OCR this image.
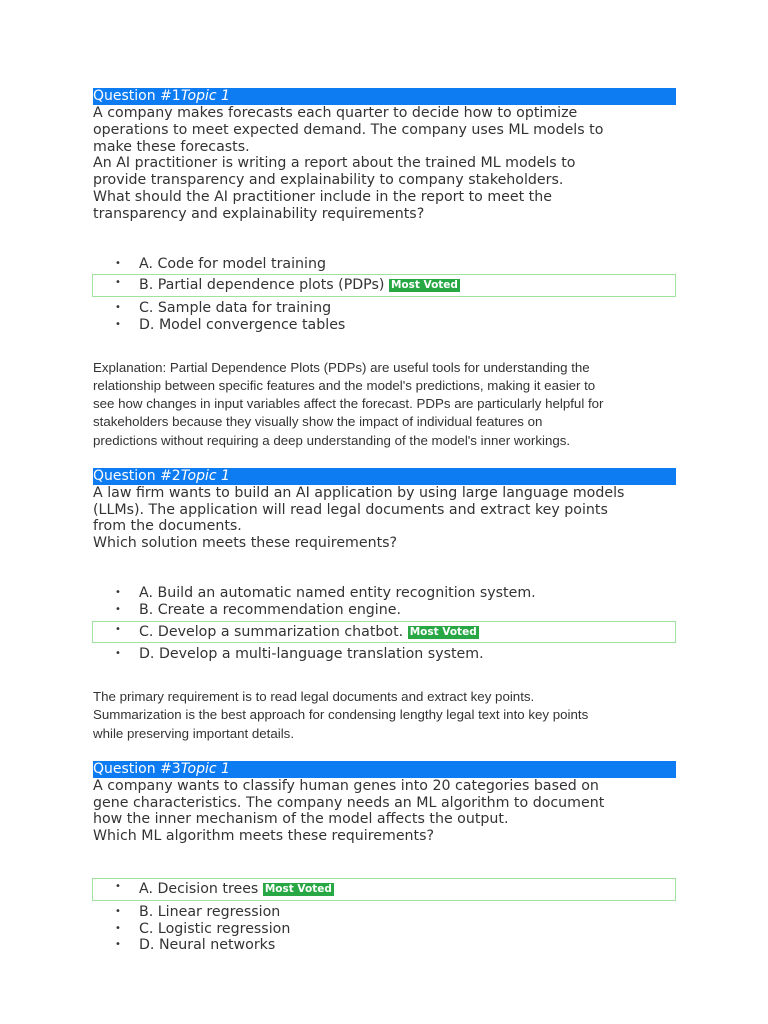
Question #1Topic 1
A company makes forecasts each quarter to decide how to optimize
operations to meet expected demand. The company uses ML models to
make these forecasts.
An AI practitioner is writing a report about the trained ML models to
provide transparency and explainability to company stakeholders.
What should the AI practitioner include in the report to meet the
transparency and explainability requirements?
• A. Code for model training
• B. Partial dependence plots (PDPs) Most Voted
• C. Sample data for training
• D. Model convergence tables
Explanation: Partial Dependence Plots (PDPs) are useful tools for understanding the
relationship between specific features and the model's predictions, making it easier to
see how changes in input variables affect the forecast. PDPs are particularly helpful for
stakeholders because they visually show the impact of individual features on
predictions without requiring a deep understanding of the model's inner workings.
Question #2Topic 1
A law firm wants to build an AI application by using large language models
(LLMs). The application will read legal documents and extract key points
from the documents.
Which solution meets these requirements?
• A. Build an automatic named entity recognition system.
• B. Create a recommendation engine.
• C. Develop a summarization chatbot. Most Voted
• D. Develop a multi-language translation system.
The primary requirement is to read legal documents and extract key points.
Summarization is the best approach for condensing lengthy legal text into key points
while preserving important details.
Question #3Topic 1
A company wants to classify human genes into 20 categories based on
gene characteristics. The company needs an ML algorithm to document
how the inner mechanism of the model affects the output.
Which ML algorithm meets these requirements?
• A. Decision trees Most Voted
• B. Linear regression
• C. Logistic regression
• D. Neural networks
